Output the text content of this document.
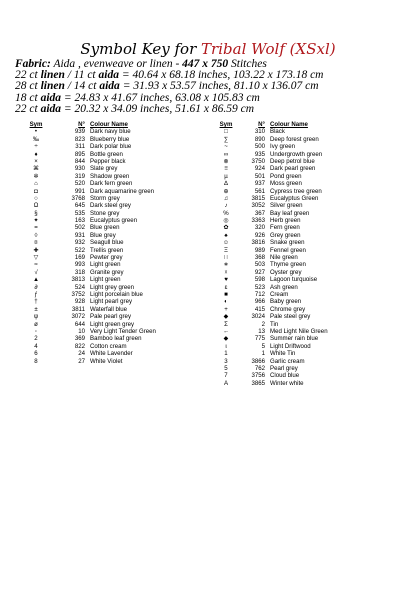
Symbol Key for Tribal Wolf (XSxl)
Fabric: Aida , evenweave or linen - 447 x 750 Stitches
22 ct linen / 11 ct aida = 40.64 x 68.18 inches, 103.22 x 173.18 cm
28 ct linen / 14 ct aida = 31.93 x 53.57 inches, 81.10 x 136.07 cm
18 ct aida = 24.83 x 41.67 inches, 63.08 x 105.83 cm
22 ct aida = 20.32 x 34.09 inches, 51.61 x 86.59 cm
Sym	N° Colour Name
•	939 Dark navy blue
‰	823 Blueberry blue
÷	311 Dark polar blue
♦	895 Bottle green
×	844 Pepper black
⌘	930 Slate grey
✲	319 Shadow green
⌂	520 Dark fern green
◘	991 Dark aquamarine green
○	3768 Storm grey
Ω	645 Dark steel grey
§	535 Stone grey
✦	163 Eucalyptus green
=	502 Blue green
◊	931 Blue grey
¤	932 Seagull blue
✚	522 Trellis green
▽	169 Pewter grey
≈	993 Light green
√	318 Granite grey
▲	3813 Light green
∂	524 Light grey green
ƒ	3752 Light porcelain blue
†	928 Light pearl grey
±	3811 Waterfall blue
ψ	3072 Pale pearl grey
ø	644 Light green grey
◦	10 Very Light Tender Green
2	369 Bamboo leaf green
4	822 Cotton cream
6	24 White Lavender
8	27 White Violet
Sym	N° Colour Name
□	310 Black
∑	890 Deep forest green
~	500 Ivy green
∞	935 Undergrowth green
⊗	3750 Deep petrol blue
≡	924 Dark pearl green
µ	501 Pond green
∆	937 Moss green
⊕	561 Cypress tree green
♫	3815 Eucalyptus Green
♪	3052 Silver green
%	367 Bay leaf green
◎	3363 Herb green
✿	320 Fern green
♠	926 Grey green
☺	3816 Snake green
Ξ	989 Fennel green
∷	368 Nile green
∗	503 Thyme green
☓	927 Oyster grey
♥	598 Lagoon turquoise
ɛ	523 Ash green
■	712 Cream
◐	966 Baby green
+	415 Chrome grey
◆	3024 Pale steel grey
Σ	2 Tin
←	13 Med Light Nile Green
◆	775 Summer rain blue
ι	5 Light Driftwood
1	1 White Tin
3	3866 Garlic cream
5	762 Pearl grey
7	3756 Cloud blue
A	3865 Winter white
